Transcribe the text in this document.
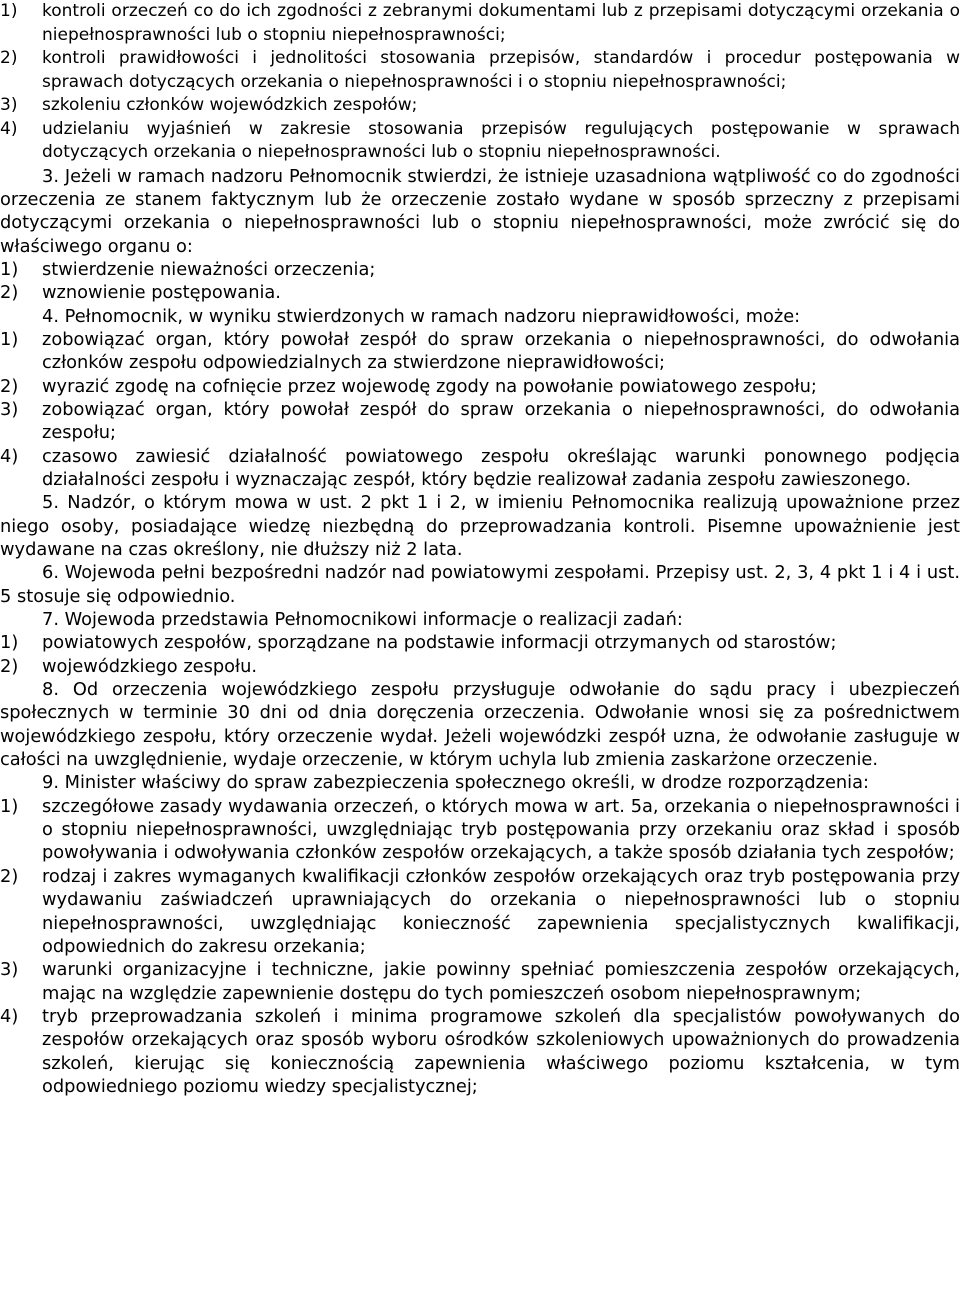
1) kontroli orzeczeń co do ich zgodności z zebranymi dokumentami lub z przepisami dotyczącymi orzekania o niepełnosprawności lub o stopniu niepełnosprawności;

2) kontroli prawidłowości i jednolitości stosowania przepisów, standardów i procedur postępowania w sprawach dotyczących orzekania o niepełnosprawności i o stopniu niepełnosprawności;

3) szkoleniu członków wojewódzkich zespołów;

4) udzielaniu wyjaśnień w zakresie stosowania przepisów regulujących postępowanie w sprawach dotyczących orzekania o niepełnosprawności lub o stopniu niepełnosprawności.

3. Jeżeli w ramach nadzoru Pełnomocnik stwierdzi, że istnieje uzasadniona wątpliwość co do zgodności orzeczenia ze stanem faktycznym lub że orzeczenie zostało wydane w sposób sprzeczny z przepisami dotyczącymi orzekania o niepełnosprawności lub o stopniu niepełnosprawności, może zwrócić się do właściwego organu o:

1) stwierdzenie nieważności orzeczenia;

2) wznowienie postępowania.

4. Pełnomocnik, w wyniku stwierdzonych w ramach nadzoru nieprawidłowości, może:

1) zobowiązać organ, który powołał zespół do spraw orzekania o niepełnosprawności, do odwołania członków zespołu odpowiedzialnych za stwierdzone nieprawidłowości;

2) wyrazić zgodę na cofnięcie przez wojewodę zgody na powołanie powiatowego zespołu;

3) zobowiązać organ, który powołał zespół do spraw orzekania o niepełnosprawności, do odwołania zespołu;

4) czasowo zawiesić działalność powiatowego zespołu określając warunki ponownego podjęcia działalności zespołu i wyznaczając zespół, który będzie realizował zadania zespołu zawieszonego.

5. Nadzór, o którym mowa w ust. 2 pkt 1 i 2, w imieniu Pełnomocnika realizują upoważnione przez niego osoby, posiadające wiedzę niezbędną do przeprowadzania kontroli. Pisemne upoważnienie jest wydawane na czas określony, nie dłuższy niż 2 lata.

6. Wojewoda pełni bezpośredni nadzór nad powiatowymi zespołami. Przepisy ust. 2, 3, 4 pkt 1 i 4 i ust. 5 stosuje się odpowiednio.

7. Wojewoda przedstawia Pełnomocnikowi informacje o realizacji zadań:

1) powiatowych zespołów, sporządzane na podstawie informacji otrzymanych od starostów;

2) wojewódzkiego zespołu.

8. Od orzeczenia wojewódzkiego zespołu przysługuje odwołanie do sądu pracy i ubezpieczeń społecznych w terminie 30 dni od dnia doręczenia orzeczenia. Odwołanie wnosi się za pośrednictwem wojewódzkiego zespołu, który orzeczenie wydał. Jeżeli wojewódzki zespół uzna, że odwołanie zasługuje w całości na uwzględnienie, wydaje orzeczenie, w którym uchyla lub zmienia zaskarżone orzeczenie.

9. Minister właściwy do spraw zabezpieczenia społecznego określi, w drodze rozporządzenia:

1) szczegółowe zasady wydawania orzeczeń, o których mowa w art. 5a, orzekania o niepełnosprawności i o stopniu niepełnosprawności, uwzględniając tryb postępowania przy orzekaniu oraz skład i sposób powoływania i odwoływania członków zespołów orzekających, a także sposób działania tych zespołów;

2) rodzaj i zakres wymaganych kwalifikacji członków zespołów orzekających oraz tryb postępowania przy wydawaniu zaświadczeń uprawniających do orzekania o niepełnosprawności lub o stopniu niepełnosprawności, uwzględniając konieczność zapewnienia specjalistycznych kwalifikacji, odpowiednich do zakresu orzekania;

3) warunki organizacyjne i techniczne, jakie powinny spełniać pomieszczenia zespołów orzekających, mając na względzie zapewnienie dostępu do tych pomieszczeń osobom niepełnosprawnym;

4) tryb przeprowadzania szkoleń i minima programowe szkoleń dla specjalistów powoływanych do zespołów orzekających oraz sposób wyboru ośrodków szkoleniowych upoważnionych do prowadzenia szkoleń, kierując się koniecznością zapewnienia właściwego poziomu kształcenia, w tym odpowiedniego poziomu wiedzy specjalistycznej;
